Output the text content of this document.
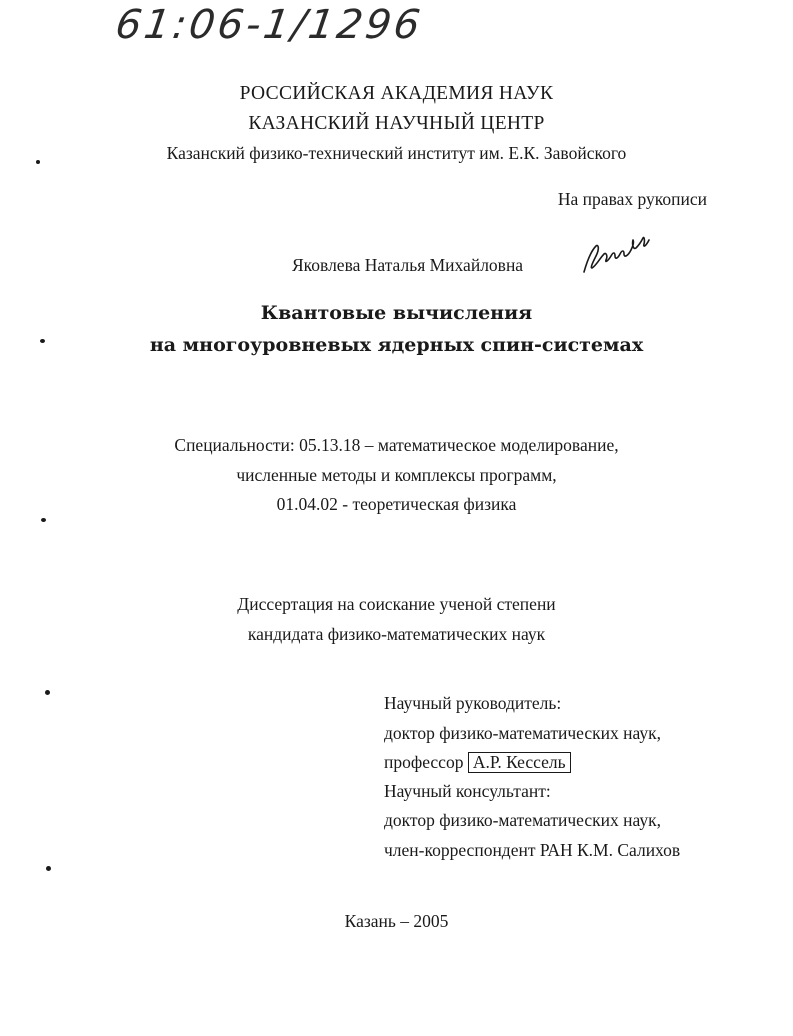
61:06-1/1296
РОССИЙСКАЯ АКАДЕМИЯ НАУК
КАЗАНСКИЙ НАУЧНЫЙ ЦЕНТР
Казанский физико-технический институт им. Е.К. Завойского
На правах рукописи
Яковлева Наталья Михайловна
Квантовые вычисления
на многоуровневых ядерных спин-системах
Специальности: 05.13.18 – математическое моделирование,
численные методы и комплексы программ,
01.04.02 - теоретическая физика
Диссертация на соискание ученой степени
кандидата физико-математических наук
Научный руководитель:
доктор физико-математических наук,
профессор А.Р. Кессель
Научный консультант:
доктор физико-математических наук,
член-корреспондент РАН К.М. Салихов
Казань – 2005
